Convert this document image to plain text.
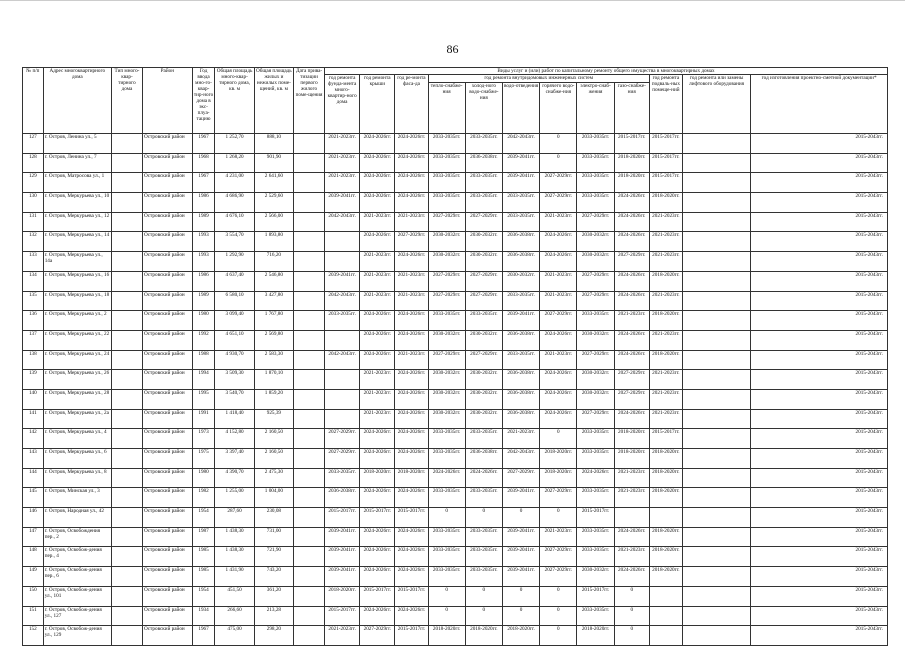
86
№ п/п	Адрес многоквартирного дома	Тип много-квар-тирного дома	Район	Год ввода мно-го-квар-тир-ного дома в экс-плуа-тацию	Общая площадь много-квар-тирного дома, кв. м	Общая площадь жилых и нежилых поме-щений, кв. м	Дата прива-тизации первого жилого поме-щения	Виды услуг и (или) работ по капитальному ремонту общего имущества в многоквартирных домах											
								год ремонта фунда-мента много-квартир-ного дома	год ремонта крыши	год ре-монта фаса-да	год ремонта внутридомовых инженерных систем						год ремонта подваль-ных помеще-ний	год ремонта или замены лифтового оборудования	год изготовления проектно-сметной документации*
											тепло-снабже-ния	холод-ного водо-снабже-ния	водо-отведения	горячего водо-снабже-ния	электро-снаб-жения	газо-снабже-ния			
127	г. Остров, Ленина ул., 5		Островский район	1967	1 252,70	888,10		2021-2023гг.	2024-2026гг.	2024-2026гг.	2033-2035гг.	2033-2035гг.	2042-2043гг.	0	2033-2035гг.	2015-2017гг.	2015-2017гг.		2015-2043гг.
128	г. Остров, Ленина ул., 7		Островский район	1968	1 268,20	901,90		2021-2023гг.	2024-2026гг.	2024-2026гг.	2033-2035гг.	2036-2038гг.	2039-2041гг.	0	2033-2035гг.	2018-2020гг.	2015-2017гг.		2015-2043гг.
129	г. Остров, Матросова ул., 1		Островский район	1967	4 231,00	2 641,60		2021-2023гг.	2024-2026гг.	2024-2026гг.	2033-2035гг.	2033-2035гг.	2039-2041гг.	2027-2029гг.	2033-2035гг.	2018-2020гг.	2015-2017гг.		2015-2043гг.
130	г. Остров, Меркурьева ул., 10		Островский район	1986	4 686,90	2 529,60		2039-2041гг.	2024-2026гг.	2024-2026гг.	2033-2035гг.	2033-2035гг.	2033-2035гг.	2027-2029гг.	2033-2035гг.	2024-2026гг.	2018-2020гг.		2015-2043гг.
131	г. Остров, Меркурьева ул., 12		Островский район	1989	4 676,10	2 566,00		2042-2043гг.	2021-2023гг.	2021-2023гг.	2027-2029гг.	2027-2029гг.	2033-2035гг.	2021-2023гг.	2027-2029гг.	2024-2026гг.	2021-2023гг.		2015-2043гг.
132	г. Остров, Меркурьева ул., 14		Островский район	1993	3 554,70	1 893,80			2024-2026гг.	2027-2029гг.	2030-2032гг.	2030-2032гг.	2036-2038гг.	2024-2026гг.	2030-2032гг.	2024-2026гг.	2021-2023гг.		2015-2043гг.
133	г. Остров, Меркурьева ул., 14а		Островский район	1993	1 292,90	716,20			2021-2023гг.	2024-2026гг.	2030-2032гг.	2030-2032гг.	2036-2038гг.	2024-2026гг.	2030-2032гг.	2027-2029гг.	2021-2023гг.		2015-2043гг.
134	г. Остров, Меркурьева ул., 16		Островский район	1986	4 637,40	2 546,80		2039-2041гг.	2021-2023гг.	2021-2023гг.	2027-2029гг.	2027-2029гг.	2030-2032гг.	2021-2023гг.	2027-2029гг.	2024-2026гг.	2018-2020гг.		2015-2043гг.
135	г. Остров, Меркурьева ул., 18		Островский район	1989	6 580,10	3 427,80		2042-2043гг.	2021-2023гг.	2021-2023гг.	2027-2029гг.	2027-2029гг.	2033-2035гг.	2021-2023гг.	2027-2029гг.	2024-2026гг.	2021-2023гг.		2015-2043гг.
136	г. Остров, Меркурьева ул., 2		Островский район	1980	3 099,40	1 767,80		2033-2035гг.	2024-2026гг.	2024-2026гг.	2033-2035гг.	2033-2035гг.	2039-2041гг.	2027-2029гг.	2033-2035гг.	2021-2023гг.	2018-2020гг.		2015-2043гг.
137	г. Остров, Меркурьева ул., 22		Островский район	1992	4 651,10	2 569,80			2024-2026гг.	2024-2026гг.	2030-2032гг.	2030-2032гг.	2036-2038гг.	2024-2026гг.	2030-2032гг.	2024-2026гг.	2021-2023гг.		2015-2043гг.
138	г. Остров, Меркурьева ул., 24		Островский район	1988	4 930,70	2 583,30		2042-2043гг.	2024-2026гг.	2021-2023гг.	2027-2029гг.	2027-2029гг.	2033-2035гг.	2021-2023гг.	2027-2029гг.	2024-2026гг.	2018-2020гг.		2015-2043гг.
139	г. Остров, Меркурьева ул., 26		Островский район	1994	3 509,30	1 870,10			2021-2023гг.	2024-2026гг.	2030-2032гг.	2030-2032гг.	2036-2038гг.	2024-2026гг.	2030-2032гг.	2027-2029гг.	2021-2023гг.		2015-2043гг.
140	г. Остров, Меркурьева ул., 28		Островский район	1995	3 540,70	1 859,20			2021-2023гг.	2024-2026гг.	2030-2032гг.	2030-2032гг.	2036-2038гг.	2024-2026гг.	2030-2032гг.	2027-2029гг.	2021-2023гг.		2015-2043гг.
141	г. Остров, Меркурьева ул., 2а		Островский район	1991	1 418,40	925,39			2021-2023гг.	2024-2026гг.	2030-2032гг.	2030-2032гг.	2036-2038гг.	2024-2026гг.	2027-2029гг.	2024-2026гг.	2021-2023гг.		2015-2043гг.
142	г. Остров, Меркурьева ул., 4		Островский район	1973	4 152,80	2 160,50		2027-2029гг.	2024-2026гг.	2024-2026гг.	2033-2035гг.	2033-2035гг.	2021-2023гг.	0	2033-2035гг.	2018-2020гг.	2015-2017гг.		2015-2043гг.
143	г. Остров, Меркурьева ул., 6		Островский район	1975	3 397,40	2 160,50		2027-2029гг.	2024-2026гг.	2024-2026гг.	2033-2035гг.	2036-2038гг.	2042-2043гг.	2018-2020гг.	2033-2035гг.	2018-2020гг.	2018-2020гг.		2015-2043гг.
144	г. Остров, Меркурьева ул., 8		Островский район	1980	4 390,70	2 475,30		2033-2035гг.	2018-2020гг.	2018-2020гг.	2024-2026гг.	2024-2026гг.	2027-2029гг.	2018-2020гг.	2024-2026гг.	2021-2023гг.	2018-2020гг.		2015-2043гг.
145	г. Остров, Минская ул., 3		Островский район	1982	1 255,00	1 004,00		2036-2038гг.	2024-2026гг.	2024-2026гг.	2033-2035гг.	2033-2035гг.	2039-2041гг.	2027-2029гг.	2033-2035гг.	2021-2023гг.	2018-2020гг.		2015-2043гг.
146	г. Остров, Народная ул., 42		Островский район	1954	287,60	230,08		2015-2017гг.	2015-2017гг.	2015-2017гг.	0	0	0	0	2015-2017гг.				2015-2043гг.
147	г. Остров, Освобождения пер., 2		Островский район	1987	1 438,30	731,00		2039-2041гг.	2024-2026гг.	2024-2026гг.	2033-2035гг.	2033-2035гг.	2039-2041гг.	2021-2023гг.	2033-2035гг.	2024-2026гг.	2018-2020гг.		2015-2043гг.
148	г. Остров, Освобож-дения пер., 4		Островский район	1985	1 438,30	721,90		2039-2041гг.	2024-2026гг.	2024-2026гг.	2033-2035гг.	2033-2035гг.	2039-2041гг.	2027-2029гг.	2033-2035гг.	2021-2023гг.	2018-2020гг.		2015-2043гг.
149	г. Остров, Освобож-дения пер., 6		Островский район	1985	1 431,90	743,20		2039-2041гг.	2024-2026гг.	2024-2026гг.	2033-2035гг.	2033-2035гг.	2039-2041гг.	2027-2029гг.	2030-2032гг.	2024-2026гг.	2018-2020гг.		2015-2043гг.
150	г. Остров, Освобож-дения ул., 101		Островский район	1954	451,50	361,20		2018-2020гг.	2015-2017гг.	2015-2017гг.	0	0	0	0	2015-2017гг.	0			2015-2043гг.
151	г. Остров, Освобож-дения ул., 127		Островский район	1934	266,60	213,28		2015-2017гг.	2024-2026гг.	2024-2026гг.	0	0	0	0	2033-2035гг.	0			2015-2043гг.
152	г. Остров, Освобож-дения ул., 129		Островский район	1967	475,00	298,20		2021-2023гг.	2027-2029гг.	2015-2017гг.	2018-2020гг.	2018-2020гг.	2018-2020гг.	0	2018-2020гг.	0			2015-2043гг.
